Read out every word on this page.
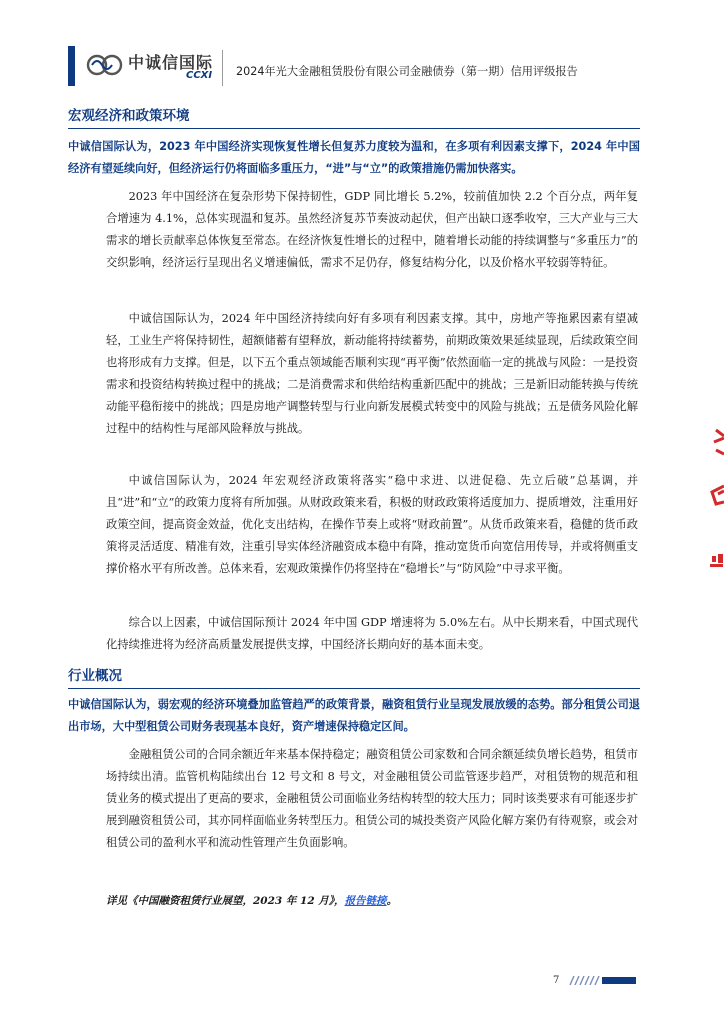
中诚信国际
CCXI 2024年光大金融租赁股份有限公司金融债券（第一期）信用评级报告
宏观经济和政策环境
中诚信国际认为，2023 年中国经济实现恢复性增长但复苏力度较为温和，在多项有利因素支撑下，2024 年中国经济有望延续向好，但经济运行仍将面临多重压力，“进”与“立”的政策措施仍需加快落实。
2023 年中国经济在复杂形势下保持韧性，GDP 同比增长 5.2%，较前值加快 2.2 个百分点，两年复合增速为 4.1%，总体实现温和复苏。虽然经济复苏节奏波动起伏，但产出缺口逐季收窄，三大产业与三大需求的增长贡献率总体恢复至常态。在经济恢复性增长的过程中，随着增长动能的持续调整与“多重压力”的交织影响，经济运行呈现出名义增速偏低，需求不足仍存，修复结构分化，以及价格水平较弱等特征。
中诚信国际认为，2024 年中国经济持续向好有多项有利因素支撑。其中，房地产等拖累因素有望减轻，工业生产将保持韧性，超额储蓄有望释放，新动能将持续蓄势，前期政策效果延续显现，后续政策空间也将形成有力支撑。但是，以下五个重点领域能否顺利实现“再平衡”依然面临一定的挑战与风险：一是投资需求和投资结构转换过程中的挑战；二是消费需求和供给结构重新匹配中的挑战；三是新旧动能转换与传统动能平稳衔接中的挑战；四是房地产调整转型与行业向新发展模式转变中的风险与挑战；五是债务风险化解过程中的结构性与尾部风险释放与挑战。
中诚信国际认为，2024 年宏观经济政策将落实“稳中求进、以进促稳、先立后破”总基调，并且“进”和“立”的政策力度将有所加强。从财政政策来看，积极的财政政策将适度加力、提质增效，注重用好政策空间，提高资金效益，优化支出结构，在操作节奏上或将“财政前置”。从货币政策来看，稳健的货币政策将灵活适度、精准有效，注重引导实体经济融资成本稳中有降，推动宽货币向宽信用传导，并或将侧重支撑价格水平有所改善。总体来看，宏观政策操作仍将坚持在“稳增长”与“防风险”中寻求平衡。
综合以上因素，中诚信国际预计 2024 年中国 GDP 增速将为 5.0%左右。从中长期来看，中国式现代化持续推进将为经济高质量发展提供支撑，中国经济长期向好的基本面未变。
行业概况
中诚信国际认为，弱宏观的经济环境叠加监管趋严的政策背景，融资租赁行业呈现发展放缓的态势。部分租赁公司退出市场，大中型租赁公司财务表现基本良好，资产增速保持稳定区间。
金融租赁公司的合同余额近年来基本保持稳定；融资租赁公司家数和合同余额延续负增长趋势，租赁市场持续出清。监管机构陆续出台 12 号文和 8 号文，对金融租赁公司监管逐步趋严，对租赁物的规范和租赁业务的模式提出了更高的要求，金融租赁公司面临业务结构转型的较大压力；同时该类要求有可能逐步扩展到融资租赁公司，其亦同样面临业务转型压力。租赁公司的城投类资产风险化解方案仍有待观察，或会对租赁公司的盈利水平和流动性管理产生负面影响。
详见《中国融资租赁行业展望，2023 年 12 月》，报告链接。
7
